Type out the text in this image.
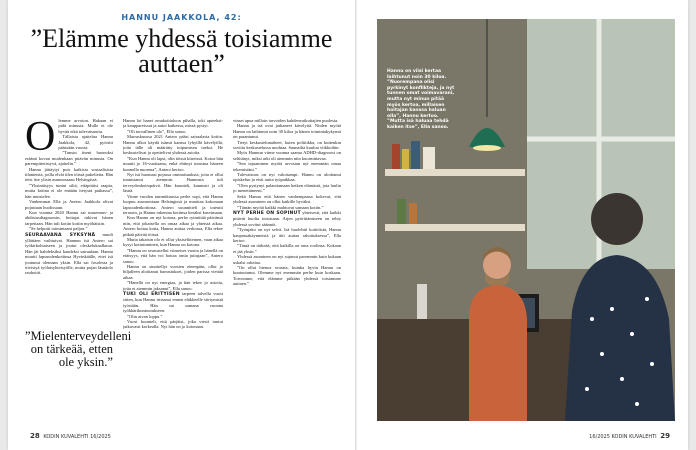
HANNU JAAKKOLA, 42:
”Elämme yhdessä toisiamme auttaen”
O lemme arvoton. Hakaan ei pidä minusta. Mulle ei ole hyvää eikä tulevaisuutta.

Tällaista ajattelua Hannu Jaakkola, 42, pyöritti päässään vuosia.

”Tunsin itseni huonoksi eräänä kovan mudenkaan pitävän minusta. On parempitietistyvä, ajattelin.”

Hannu jättäytyi pois kaikista sosiaalisista tilanteista, joilla elväi tilen töissä pukeltetta. Hän teisi itse ylisin asunnossaan Helsingissä.

”Yksinäisyys tuntui siltä, ettäpitäisi raapia, mutta kotina ei ole enäään itetystä paikassa”, hän muistelee.

Vanhemmat Ella ja Antero Jaakkola olivat pojastaan huolissaan.

Kun vuonna 2020 Hannu sai masennus- ja ahdistusdiagnoosin, hoitajat tukivat hänen tarpeitaan. Hän tuli kotiin kotiin myöhäisiin.

”Se helpotti toimintaani paljon.”

SEURAAVANA SYKSYNÄ muuli yllättäen vaihtuivat. Hannun isä Antero sai työkirkohtaiseen ja joutui oleskelukaalkuun. Hän jäi kahdeksiksi kaudeksi sairaalaan. Hannu muutti lapsuudenkotiinsa Hyvinkäälle, ettei isä joutunut olemaan yksin. Ella sai fosolesta ja tiivistyä työlaisyhteisyölle, mutta pojan läsnäolo rauhoitti.

”Mielenterveydelleni on tärkeää, etten ole yksin.”

Hannu loi hanet omakotitaloon pihalla, toki apteeksi- ja kauppareissut ja autoi kaikessa, missä pystyi.

”Oli turvallinen olo”, Ella sanoo.

Marraskuussa 2021 Antero pääsi sairaalasta kotiin. Hannu alkoi käydä isänsä kanssa lyhyillä kävelyillä, joita tälle oli määrätty toipumisen tueksi. He keskustelivat ja opettelivat yhdessä asioita.

”Kun Hannu oli lapsi, olin töissä kiireissä. Kotoa hän muutti jo 16-vuotiaana, enkä ehtinyt tutustua häneen kunnolla nuorena”, Antero kertoo.

Nyt isä huomasi pojassa ominaisuuksia, joita ei ollut tunnistanut aiemmin. Hannusta tuli terveydenhoitopäivä. Hän kuunteli, kannusti ja oli läsnä.

Viime vuoden tammikuussa perhe sopi, että Hannu luopuu asunnostaan Helsingissä ja muuttaa kokonaan lapsuudenkotiinsa. Antero suunnitteli ja toteutti terassin, ja Hannu rakentaa kotiinsa kesäksi kasvimaan.

Kun Hannu on nyt kotona, perhe rytmittää päivänsä niin, että jokaisella on omaa aikaa ja yhteistä aikaa. Antero hoitaa kotia, Hannu auttaa verkossa, Ella tekee pitkää päivää töissä.

Mutta takaisin olo ei ollut yksiselitteinen, vaan aikaa kysyi kotiutuminen, kun Hannu on kotona.

”Hannu on seurustellut viimeiset vuotta ja hänellä on etäisyys, että hän voi hoitaa omia juttujaan”, Antero sanoo.

Hannu on sinnitellyt vuosien eteenpäin, ollut jo hiljalleen aloittanut harrastukset, joiden parissa viettää aikaa.

”Hänellä on nyt energiaa, ja hän tekee jo asioita, joita ei aiemmin jaksanut”, Ella sanoo.

TUKI OLI ERITYISEN tarpeen talvella vuosi sitten, kun Hannu irtisanoi ennen eläkkeelle siirtymistä työstään. Hän sai samana vuonna työkkärikuntoutukseen.

”Olin aivan loppu.”

Vuosi kuunteli, että pärjäisi, joka viesti tuntui jatkuvasti korkealla. Nyt hän on jo kotonaan.

vinset apua milloin tarvoiden kahdenvaikuttajien puolesta.

Hannu ja isä ovat jarkaneet kävelyitä. Niiden myötä Hannu on laihtunut noin 30 kiloa ja hänen toimintakykynsä on parantunut.

Tietyt keskustelunaiheet, kuten politiikka, on kuitenkin sovittu keskustelussa unohtaa. Saunailta kuuluu viikkoihin.

Myös Hannun viime vuonna saama ADHD-diagnoosi on selittänyt, miksi arki oli aiemmin niin kuormittavaa.

”Sen tajuaminen myötä arvostan nyt enemmän omaa tekemistäni.”

Tulevaisuus on nyt valoisampi. Hannu on aloittanut opiskelun ja etsii uutta työpaikkaa.

”Olen pystynyt palauttamaan hetken elämästä, jota luulin jo menettäneeni.”

Sekä Hannu että hänen vanhempansa kokevat, että yhdessä asuminen on ollut kaikille hyväksi.

”Tämän myötä kaikki mahtuvat samaan kotiin.”

NYT PERHE ON SOPINUT yhteisesti, että kaikki pitävät huolta toisistaan. Arjen pyörittämiseen on tehty yhdessä sovitut säännöt.

”Työnjako on nyt selvä. Isä huolehtii kotitöistä, Hannu kaupassakäynneistä ja äiti auttaa rahoituksessa”, Ella kertoo.

”Tämä on tärkeää, että kaikilla on oma roolinsa. Kukaan ei jää yksin.”

Yhdessä asuminen on nyt sujunut paremmin kuin kukaan uskalsi odottaa.

”On ollut hienoa seurata, kuinka hyvin Hannu on kuntoutunut. Olemme nyt enemmän perhe kuin koskaan. Toivomme, että elämme pitkään yhdessä toisiamme auttaen.”

28 KODIN KUVALEHTI 16/2025

Hannu on viisi kertaa laihtunut noin 30 kiloa. ”Nuorempana olisi pyrkinyt konflikteja, ja nyt tunnen omat voimavarani, mutta nyt minun pitää myös kertoa, millaisen hoitajan kanssa haluan olla”, Hannu kertoo. ”Mutta isä haluaa tehdä kaiken itse”, Ella sanoo.

16/2025 KODIN KUVALEHTI 29
